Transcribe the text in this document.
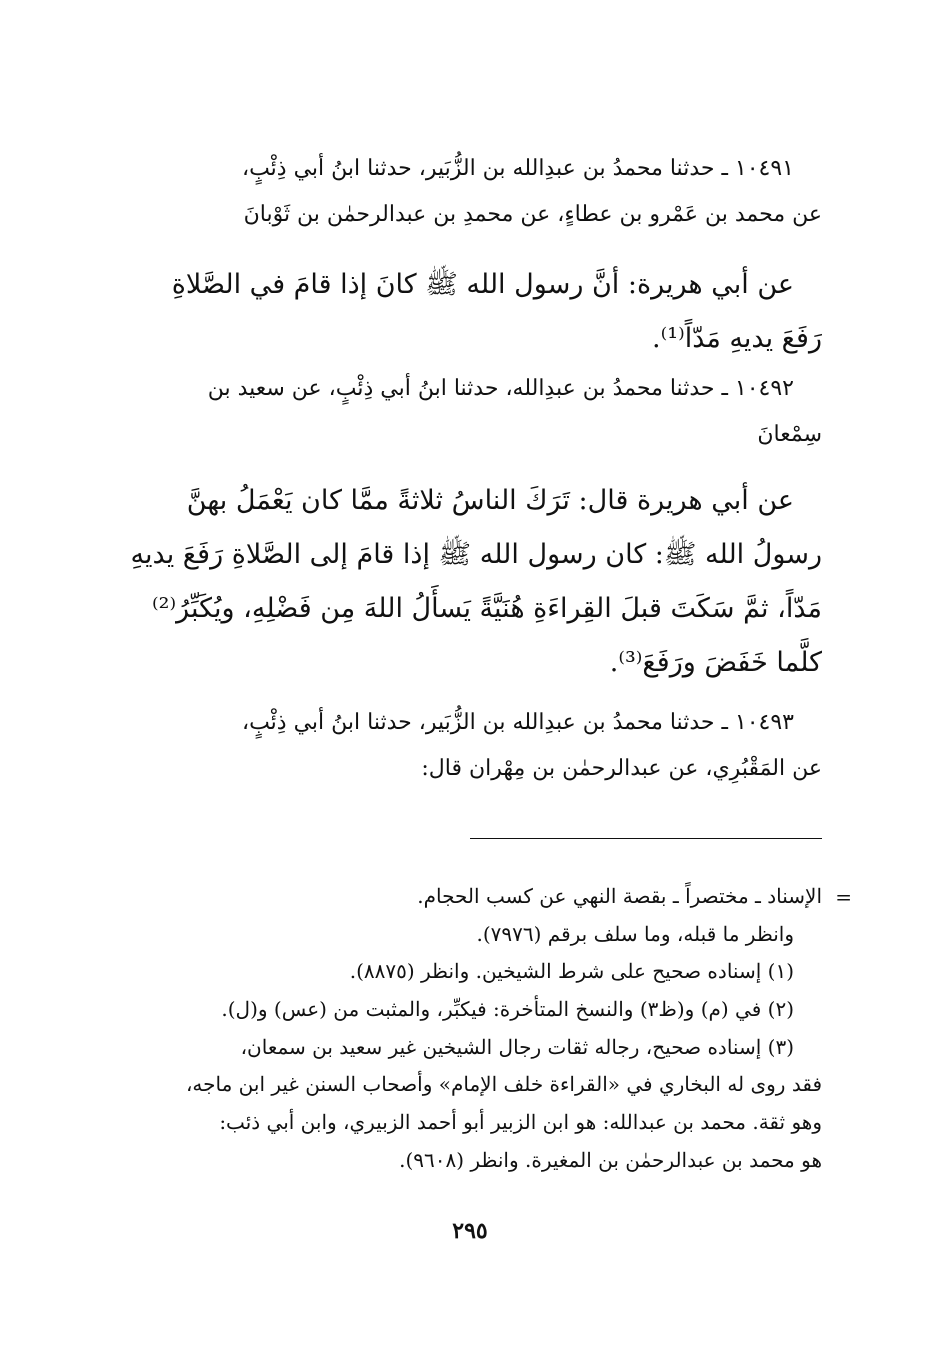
١٠٤٩١ ـ حدثنا محمدُ بن عبدِالله بن الزُّبَير، حدثنا ابنُ أبي ذِئْبٍ،
عن محمد بن عَمْرو بن عطاءٍ، عن محمدِ بن عبدالرحمٰن بن ثَوْبانَ
عن أبي هريرة: أنَّ رسول الله ﷺ كانَ إذا قامَ في الصَّلاةِ
رَفَعَ يديهِ مَدّاً⁽¹⁾.
١٠٤٩٢ ـ حدثنا محمدُ بن عبدِالله، حدثنا ابنُ أبي ذِئْبٍ، عن سعيد بن
سِمْعانَ
عن أبي هريرة قال: تَرَكَ الناسُ ثلاثةً ممَّا كان يَعْمَلُ بهنَّ
رسولُ الله ﷺ: كان رسول الله ﷺ إذا قامَ إلى الصَّلاةِ رَفَعَ يديهِ
مَدّاً، ثمَّ سَكَتَ قبلَ القِراءَةِ هُنَيَّةً يَسأَلُ اللهَ مِن فَضْلِهِ، ويُكَبِّرُ⁽²⁾
كلَّما خَفَضَ ورَفَعَ⁽³⁾.
١٠٤٩٣ ـ حدثنا محمدُ بن عبدِالله بن الزُّبَير، حدثنا ابنُ أبي ذِئْبٍ،
عن المَقْبُرِي، عن عبدالرحمٰن بن مِهْران قال:
=
الإسناد ـ مختصراً ـ بقصة النهي عن كسب الحجام.
وانظر ما قبله، وما سلف برقم (٧٩٧٦).
(١) إسناده صحيح على شرط الشيخين. وانظر (٨٨٧٥).
(٢) في (م) و(ظ٣) والنسخ المتأخرة: فيكبِّر، والمثبت من (عس) و(ل).
(٣) إسناده صحيح، رجاله ثقات رجال الشيخين غير سعيد بن سمعان،
فقد روى له البخاري في «القراءة خلف الإمام» وأصحاب السنن غير ابن ماجه،
وهو ثقة. محمد بن عبدالله: هو ابن الزبير أبو أحمد الزبيري، وابن أبي ذئب:
هو محمد بن عبدالرحمٰن بن المغيرة. وانظر (٩٦٠٨).
٢٩٥
